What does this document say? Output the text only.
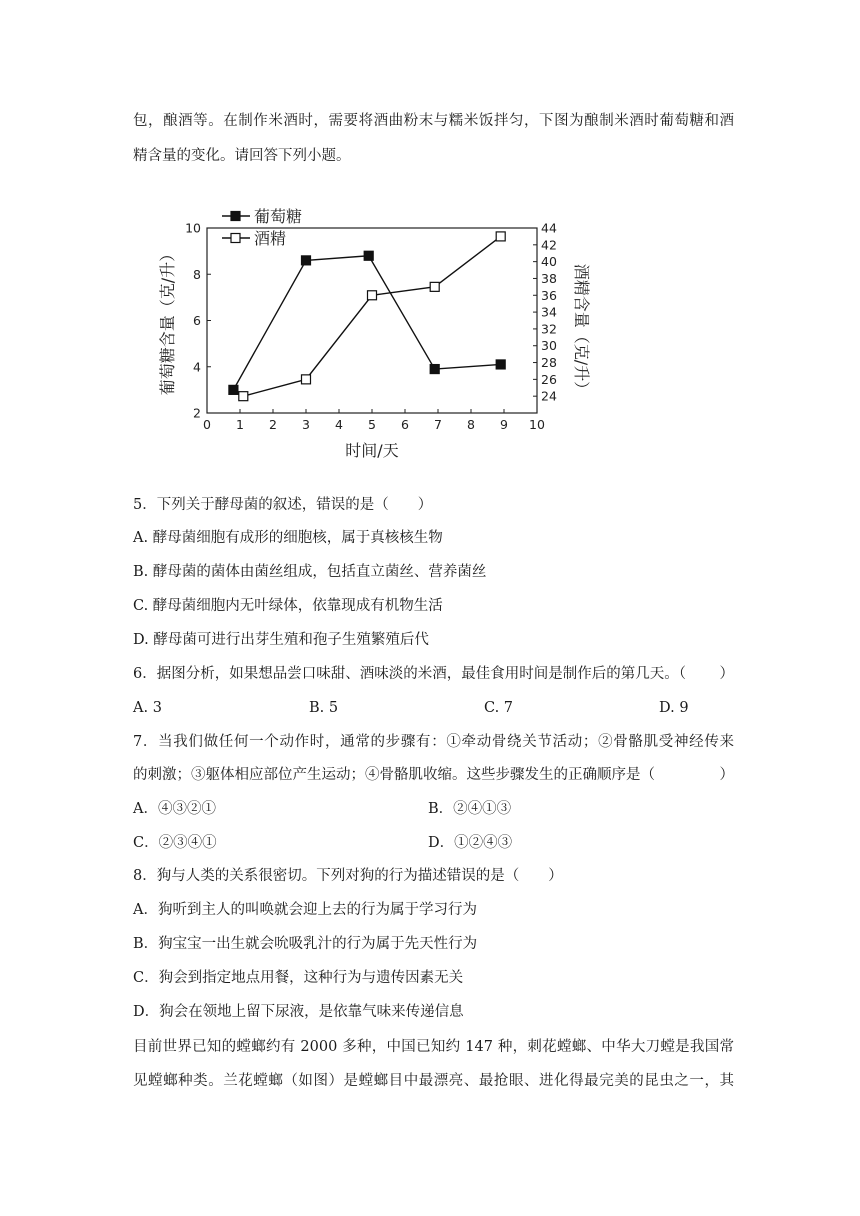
包，酿酒等。在制作米酒时，需要将酒曲粉末与糯米饭拌匀，下图为酿制米酒时葡萄糖和酒
精含量的变化。请回答下列小题。
0 1 2 3 4 5 6 7 8 9 10
2
4
6
8
10
24
26
28
30
32
34
36
38
40
42
44
葡萄糖
酒精
时间/天
葡萄糖含量（克/升）	酒精含量（克/升）
5．下列关于酵母菌的叙述，错误的是（　　）
A. 酵母菌细胞有成形的细胞核，属于真核核生物
B. 酵母菌的菌体由菌丝组成，包括直立菌丝、营养菌丝
C. 酵母菌细胞内无叶绿体，依靠现成有机物生活
D. 酵母菌可进行出芽生殖和孢子生殖繁殖后代
6．据图分析，如果想品尝口味甜、酒味淡的米酒，最佳食用时间是制作后的第几天。（ ）
A. 3	B. 5	C. 7	D. 9
7．当我们做任何一个动作时，通常的步骤有：①牵动骨绕关节活动；②骨骼肌受神经传来
的刺激；③躯体相应部位产生运动；④骨骼肌收缩。这些步骤发生的正确顺序是（	）
A．④③②①	B．②④①③
C．②③④①	D．①②④③
8．狗与人类的关系很密切。下列对狗的行为描述错误的是（　　）
A．狗听到主人的叫唤就会迎上去的行为属于学习行为
B．狗宝宝一出生就会吮吸乳汁的行为属于先天性行为
C．狗会到指定地点用餐，这种行为与遗传因素无关
D．狗会在领地上留下尿液，是依靠气味来传递信息
目前世界已知的螳螂约有 2000 多种，中国已知约 147 种，刺花螳螂、中华大刀螳是我国常
见螳螂种类。兰花螳螂（如图）是螳螂目中最漂亮、最抢眼、进化得最完美的昆虫之一，其
